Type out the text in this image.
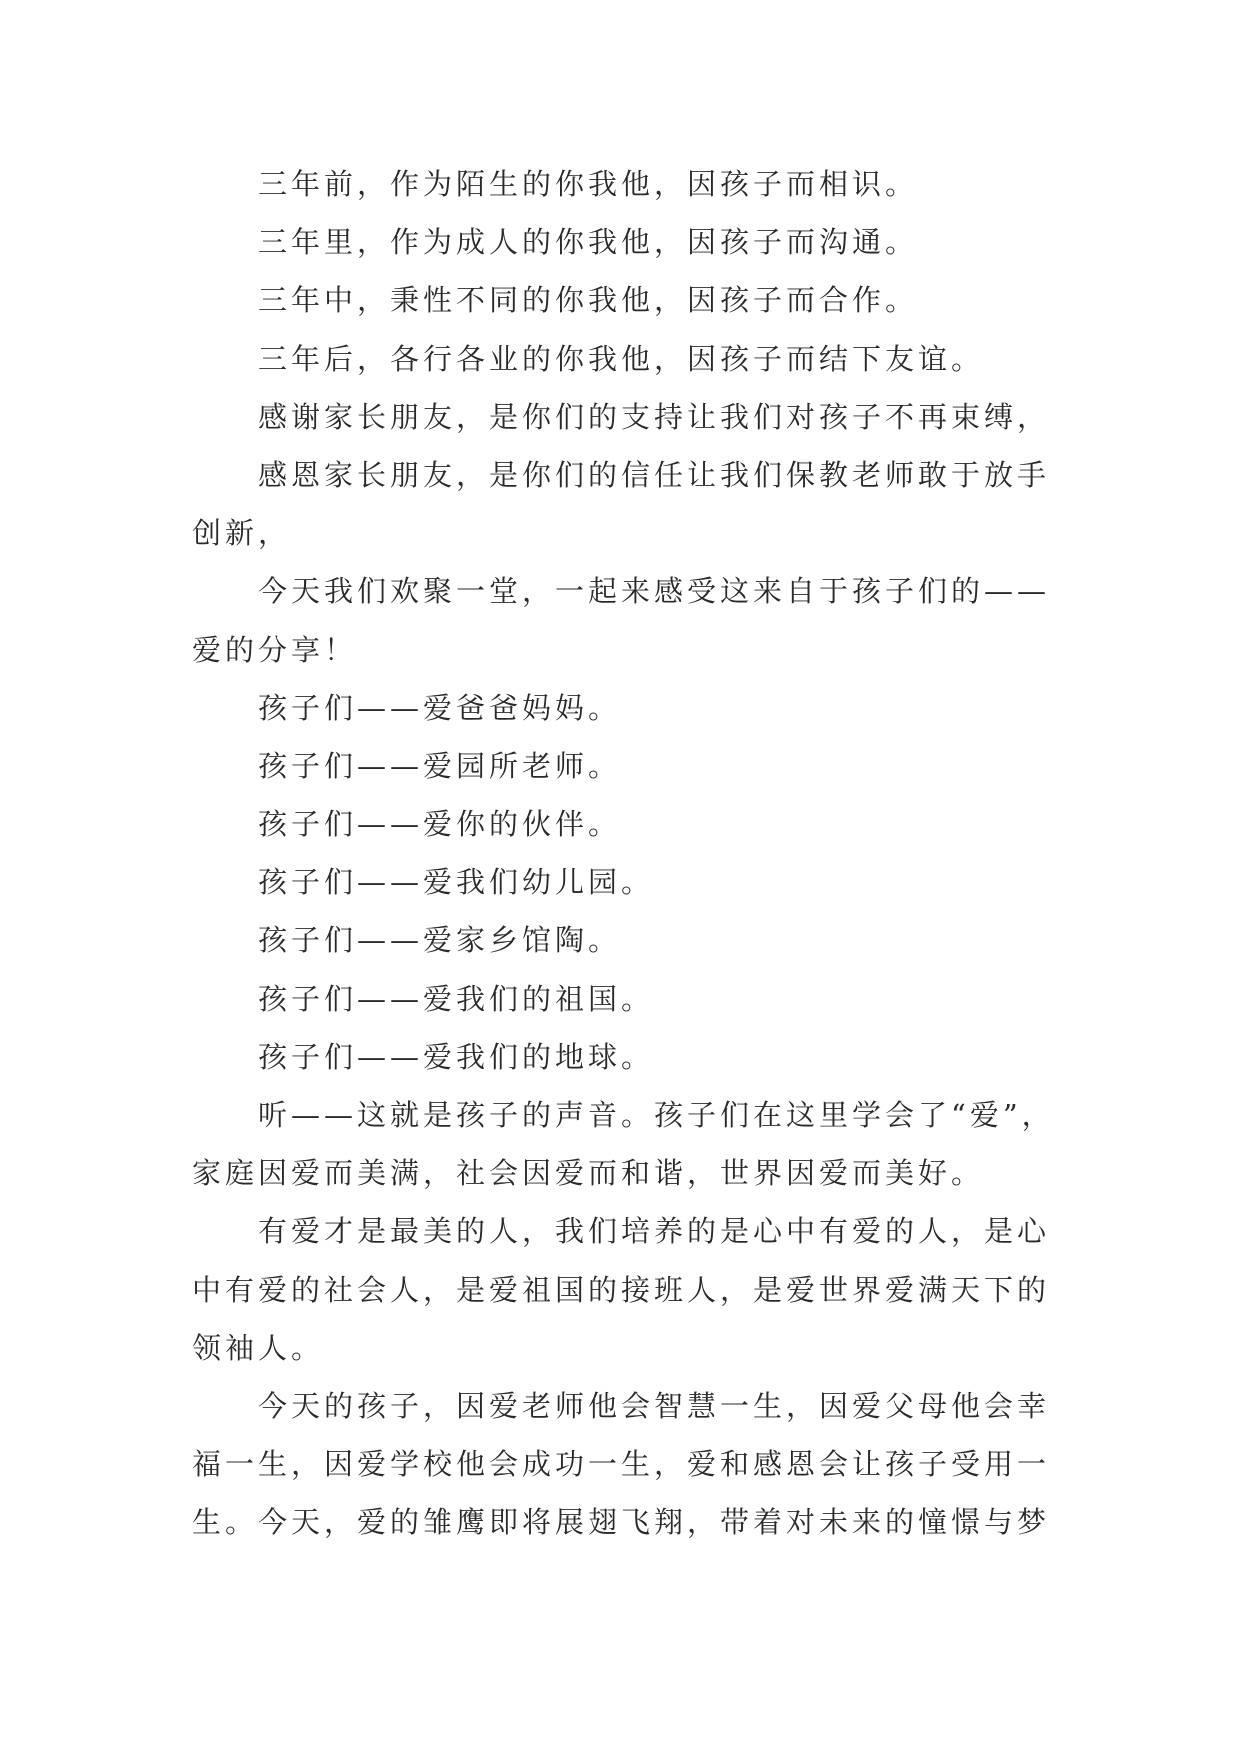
三年前，作为陌生的你我他，因孩子而相识。
三年里，作为成人的你我他，因孩子而沟通。
三年中，秉性不同的你我他，因孩子而合作。
三年后，各行各业的你我他，因孩子而结下友谊。
感谢家长朋友，是你们的支持让我们对孩子不再束缚，
感恩家长朋友，是你们的信任让我们保教老师敢于放手
创新，
今天我们欢聚一堂，一起来感受这来自于孩子们的——
爱的分享！
孩子们——爱爸爸妈妈。
孩子们——爱园所老师。
孩子们——爱你的伙伴。
孩子们——爱我们幼儿园。
孩子们——爱家乡馆陶。
孩子们——爱我们的祖国。
孩子们——爱我们的地球。
听——这就是孩子的声音。孩子们在这里学会了“爱”，
家庭因爱而美满，社会因爱而和谐，世界因爱而美好。
有爱才是最美的人，我们培养的是心中有爱的人，是心
中有爱的社会人，是爱祖国的接班人，是爱世界爱满天下的
领袖人。
今天的孩子，因爱老师他会智慧一生，因爱父母他会幸
福一生，因爱学校他会成功一生，爱和感恩会让孩子受用一
生。今天，爱的雏鹰即将展翅飞翔，带着对未来的憧憬与梦
